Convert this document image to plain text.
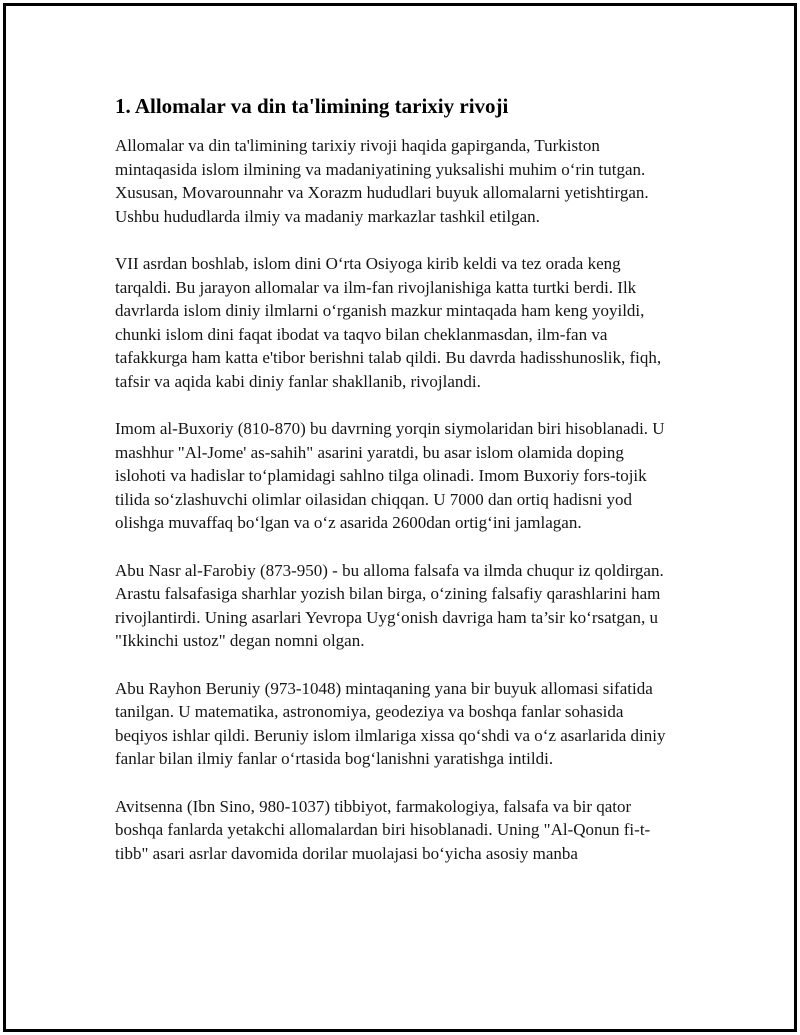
1. Allomalar va din ta'limining tarixiy rivoji

Allomalar va din ta'limining tarixiy rivoji haqida gapirganda, Turkiston mintaqasida islom ilmining va madaniyatining yuksalishi muhim o‘rin tutgan. Xususan, Movarounnahr va Xorazm hududlari buyuk allomalarni yetishtirgan. Ushbu hududlarda ilmiy va madaniy markazlar tashkil etilgan.

VII asrdan boshlab, islom dini O‘rta Osiyoga kirib keldi va tez orada keng tarqaldi. Bu jarayon allomalar va ilm-fan rivojlanishiga katta turtki berdi. Ilk davrlarda islom diniy ilmlarni o‘rganish mazkur mintaqada ham keng yoyildi, chunki islom dini faqat ibodat va taqvo bilan cheklanmasdan, ilm-fan va tafakkurga ham katta e'tibor berishni talab qildi. Bu davrda hadisshunoslik, fiqh, tafsir va aqida kabi diniy fanlar shakllanib, rivojlandi.

Imom al-Buxoriy (810-870) bu davrning yorqin siymolaridan biri hisoblanadi. U mashhur "Al-Jome' as-sahih" asarini yaratdi, bu asar islom olamida doping islohoti va hadislar to‘plamidagi sahlno tilga olinadi. Imom Buxoriy fors-tojik tilida so‘zlashuvchi olimlar oilasidan chiqqan. U 7000 dan ortiq hadisni yod olishga muvaffaq bo‘lgan va o‘z asarida 2600dan ortig‘ini jamlagan.

Abu Nasr al-Farobiy (873-950) - bu alloma falsafa va ilmda chuqur iz qoldirgan. Arastu falsafasiga sharhlar yozish bilan birga, o‘zining falsafiy qarashlarini ham rivojlantirdi. Uning asarlari Yevropa Uyg‘onish davriga ham ta’sir ko‘rsatgan, u "Ikkinchi ustoz" degan nomni olgan.

Abu Rayhon Beruniy (973-1048) mintaqaning yana bir buyuk allomasi sifatida tanilgan. U matematika, astronomiya, geodeziya va boshqa fanlar sohasida beqiyos ishlar qildi. Beruniy islom ilmlariga xissa qo‘shdi va o‘z asarlarida diniy fanlar bilan ilmiy fanlar o‘rtasida bog‘lanishni yaratishga intildi.

Avitsenna (Ibn Sino, 980-1037) tibbiyot, farmakologiya, falsafa va bir qator boshqa fanlarda yetakchi allomalardan biri hisoblanadi. Uning "Al-Qonun fi-t-tibb" asari asrlar davomida dorilar muolajasi bo‘yicha asosiy manba
